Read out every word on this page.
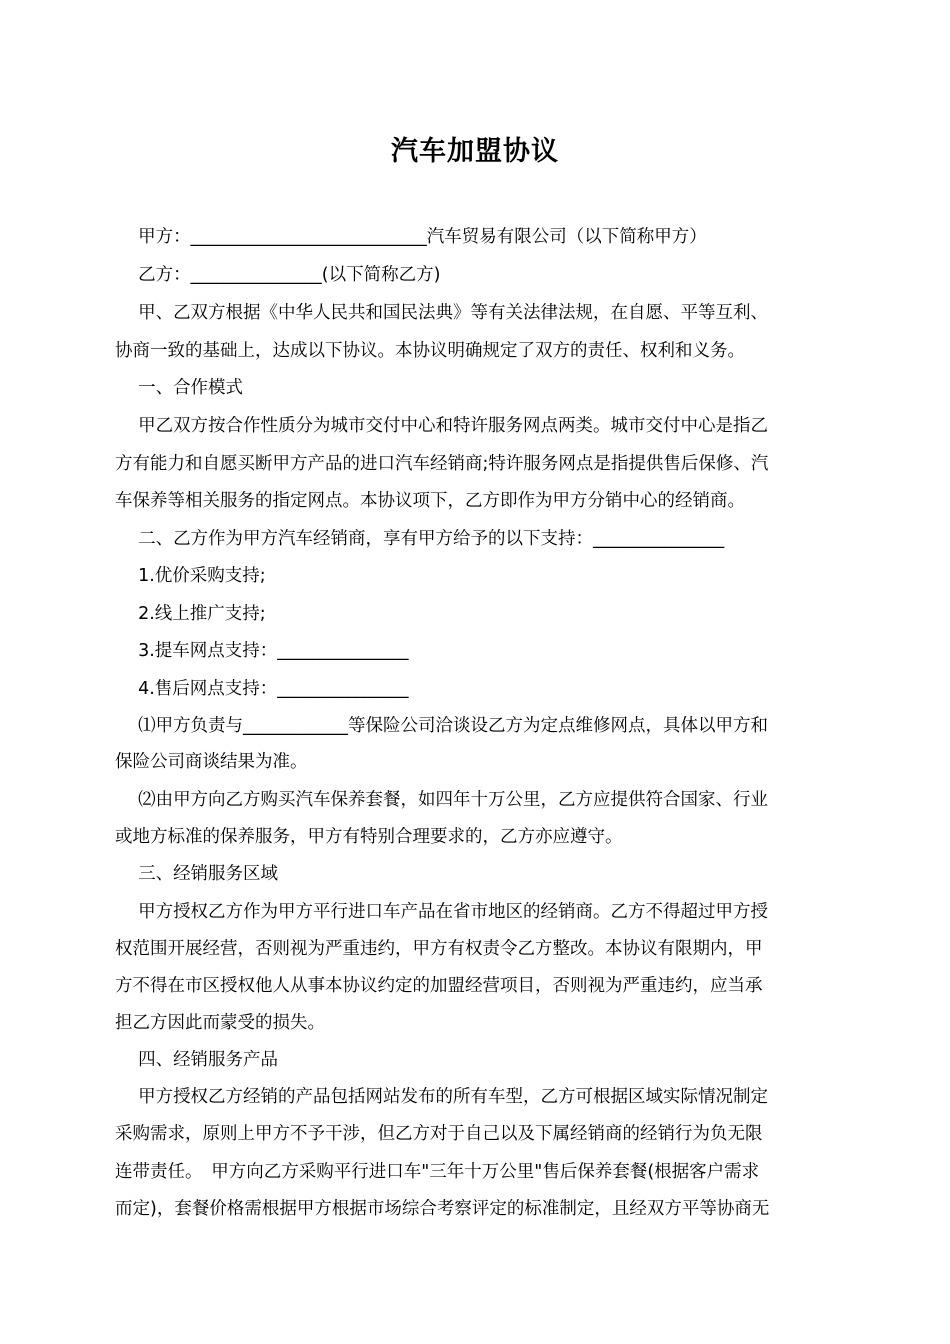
汽车加盟协议
　 甲方：___________________________汽车贸易有限公司（以下简称甲方）
　 乙方：_______________(以下简称乙方)
　 甲、乙双方根据《中华人民共和国民法典》等有关法律法规，在自愿、平等互利、
协商一致的基础上，达成以下协议。本协议明确规定了双方的责任、权利和义务。
　 一、合作模式
　 甲乙双方按合作性质分为城市交付中心和特许服务网点两类。城市交付中心是指乙
方有能力和自愿买断甲方产品的进口汽车经销商;特许服务网点是指提供售后保修、汽
车保养等相关服务的指定网点。本协议项下，乙方即作为甲方分销中心的经销商。
　 二、乙方作为甲方汽车经销商，享有甲方给予的以下支持：_______________
　 1.优价采购支持;
　 2.线上推广支持;
　 3.提车网点支持：_______________
　 4.售后网点支持：_______________
　 ⑴甲方负责与____________等保险公司洽谈设乙方为定点维修网点，具体以甲方和
保险公司商谈结果为准。
　 ⑵由甲方向乙方购买汽车保养套餐，如四年十万公里，乙方应提供符合国家、行业
或地方标准的保养服务，甲方有特别合理要求的，乙方亦应遵守。
　 三、经销服务区域
　 甲方授权乙方作为甲方平行进口车产品在省市地区的经销商。乙方不得超过甲方授
权范围开展经营，否则视为严重违约，甲方有权责令乙方整改。本协议有限期内，甲
方不得在市区授权他人从事本协议约定的加盟经营项目，否则视为严重违约，应当承
担乙方因此而蒙受的损失。
　 四、经销服务产品
　 甲方授权乙方经销的产品包括网站发布的所有车型，乙方可根据区域实际情况制定
采购需求，原则上甲方不予干涉，但乙方对于自己以及下属经销商的经销行为负无限
连带责任。　甲方向乙方采购平行进口车"三年十万公里"售后保养套餐(根据客户需求
而定)，套餐价格需根据甲方根据市场综合考察评定的标准制定，且经双方平等协商无
